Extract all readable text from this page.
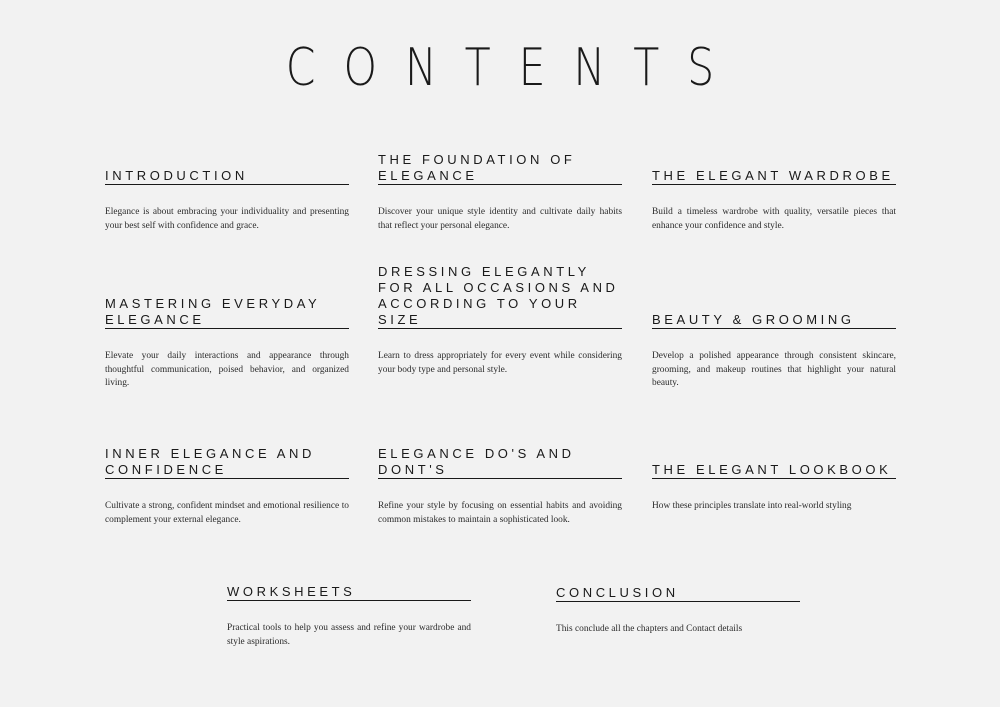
CONTENTS
INTRODUCTION
Elegance is about embracing your individuality and presenting your best self with confidence and grace.
THE FOUNDATION OF ELEGANCE
Discover your unique style identity and cultivate daily habits that reflect your personal elegance.
THE ELEGANT WARDROBE
Build a timeless wardrobe with quality, versatile pieces that enhance your confidence and style.
MASTERING EVERYDAY ELEGANCE
Elevate your daily interactions and appearance through thoughtful communication, poised behavior, and organized living.
DRESSING ELEGANTLY FOR ALL OCCASIONS AND ACCORDING TO YOUR SIZE
Learn to dress appropriately for every event while considering your body type and personal style.
BEAUTY & GROOMING
Develop a polished appearance through consistent skincare, grooming, and makeup routines that highlight your natural beauty.
INNER ELEGANCE AND CONFIDENCE
Cultivate a strong, confident mindset and emotional resilience to complement your external elegance.
ELEGANCE DO'S AND DONT'S
Refine your style by focusing on essential habits and avoiding common mistakes to maintain a sophisticated look.
THE ELEGANT LOOKBOOK
How these principles translate into real-world styling
WORKSHEETS
Practical tools to help you assess and refine your wardrobe and style aspirations.
CONCLUSION
This conclude all the chapters and Contact details
